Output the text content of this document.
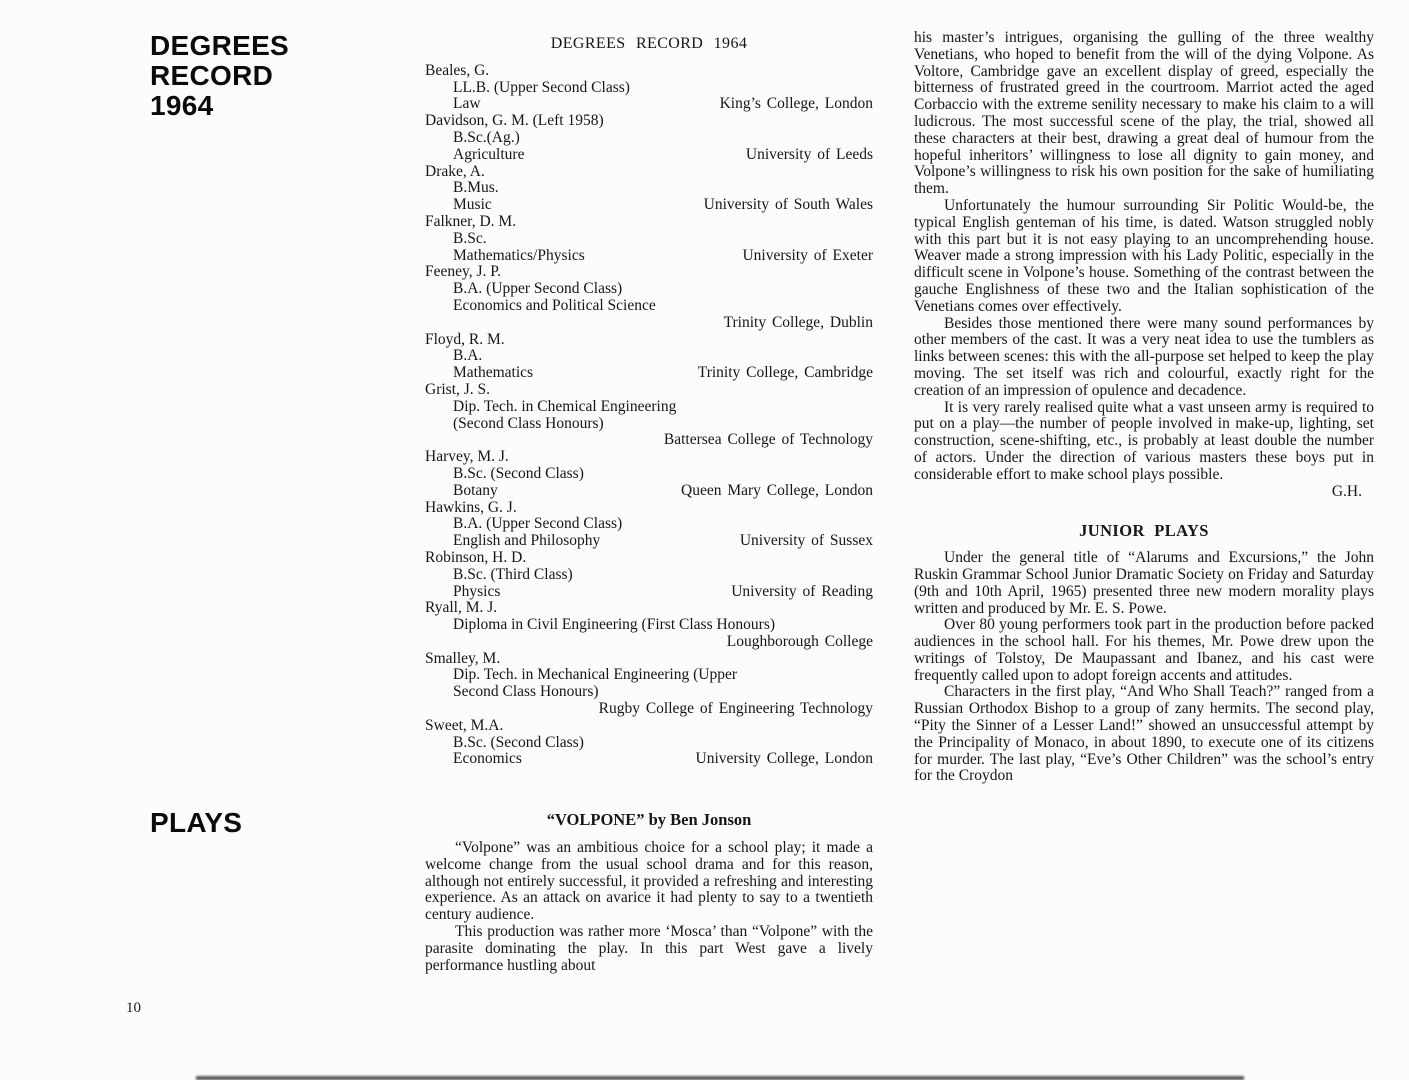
DEGREES RECORD
1964
PLAYS
10
DEGREES RECORD 1964
Beales, G.
LL.B. (Upper Second Class)
Law	King’s College, London
Davidson, G. M. (Left 1958)
B.Sc.(Ag.)
Agriculture	University of Leeds
Drake, A.
B.Mus.
Music	University of South Wales
Falkner, D. M.
B.Sc.
Mathematics/Physics	University of Exeter
Feeney, J. P.
B.A. (Upper Second Class)
Economics and Political Science
Trinity College, Dublin
Floyd, R. M.
B.A.
Mathematics	Trinity College, Cambridge
Grist, J. S.
Dip. Tech. in Chemical Engineering
(Second Class Honours)
Battersea College of Technology
Harvey, M. J.
B.Sc. (Second Class)
Botany	Queen Mary College, London
Hawkins, G. J.
B.A. (Upper Second Class)
English and Philosophy	University of Sussex
Robinson, H. D.
B.Sc. (Third Class)
Physics	University of Reading
Ryall, M. J.
Diploma in Civil Engineering (First Class Honours)
Loughborough College
Smalley, M.
Dip. Tech. in Mechanical Engineering (Upper
Second Class Honours)
Rugby College of Engineering Technology
Sweet, M.A.
B.Sc. (Second Class)
Economics	University College, London
“VOLPONE” by Ben Jonson

“Volpone” was an ambitious choice for a school play; it made a welcome change from the usual school drama and for this reason, although not entirely successful, it provided a refreshing and interesting experience. As an attack on avarice it had plenty to say to a twentieth century audience.

This production was rather more ‘Mosca’ than “Volpone” with the parasite dominating the play. In this part West gave a lively performance hustling about

his master’s intrigues, organising the gulling of the three wealthy Venetians, who hoped to benefit from the will of the dying Volpone. As Voltore, Cambridge gave an excellent display of greed, especially the bitterness of frustrated greed in the courtroom. Marriot acted the aged Corbaccio with the extreme senility necessary to make his claim to a will ludicrous. The most successful scene of the play, the trial, showed all these characters at their best, drawing a great deal of humour from the hopeful inheritors’ willingness to lose all dignity to gain money, and Volpone’s willingness to risk his own position for the sake of humiliating them.

Unfortunately the humour surrounding Sir Politic Would-be, the typical English genteman of his time, is dated. Watson struggled nobly with this part but it is not easy playing to an uncomprehending house. Weaver made a strong impression with his Lady Politic, especially in the difficult scene in Volpone’s house. Something of the contrast between the gauche Englishness of these two and the Italian sophistication of the Venetians comes over effectively.

Besides those mentioned there were many sound performances by other members of the cast. It was a very neat idea to use the tumblers as links between scenes: this with the all-purpose set helped to keep the play moving. The set itself was rich and colourful, exactly right for the creation of an impression of opulence and decadence.

It is very rarely realised quite what a vast unseen army is required to put on a play—the number of people involved in make-up, lighting, set construction, scene-shifting, etc., is probably at least double the number of actors. Under the direction of various masters these boys put in considerable effort to make school plays possible.

G.H.
JUNIOR PLAYS

Under the general title of “Alarums and Excursions,” the John Ruskin Grammar School Junior Dramatic Society on Friday and Saturday (9th and 10th April, 1965) presented three new modern morality plays written and produced by Mr. E. S. Powe.

Over 80 young performers took part in the production before packed audiences in the school hall. For his themes, Mr. Powe drew upon the writings of Tolstoy, De Maupassant and Ibanez, and his cast were frequently called upon to adopt foreign accents and attitudes.

Characters in the first play, “And Who Shall Teach?” ranged from a Russian Orthodox Bishop to a group of zany hermits. The second play, “Pity the Sinner of a Lesser Land!” showed an unsuccessful attempt by the Principality of Monaco, in about 1890, to execute one of its citizens for murder. The last play, “Eve’s Other Children” was the school’s entry for the Croydon
